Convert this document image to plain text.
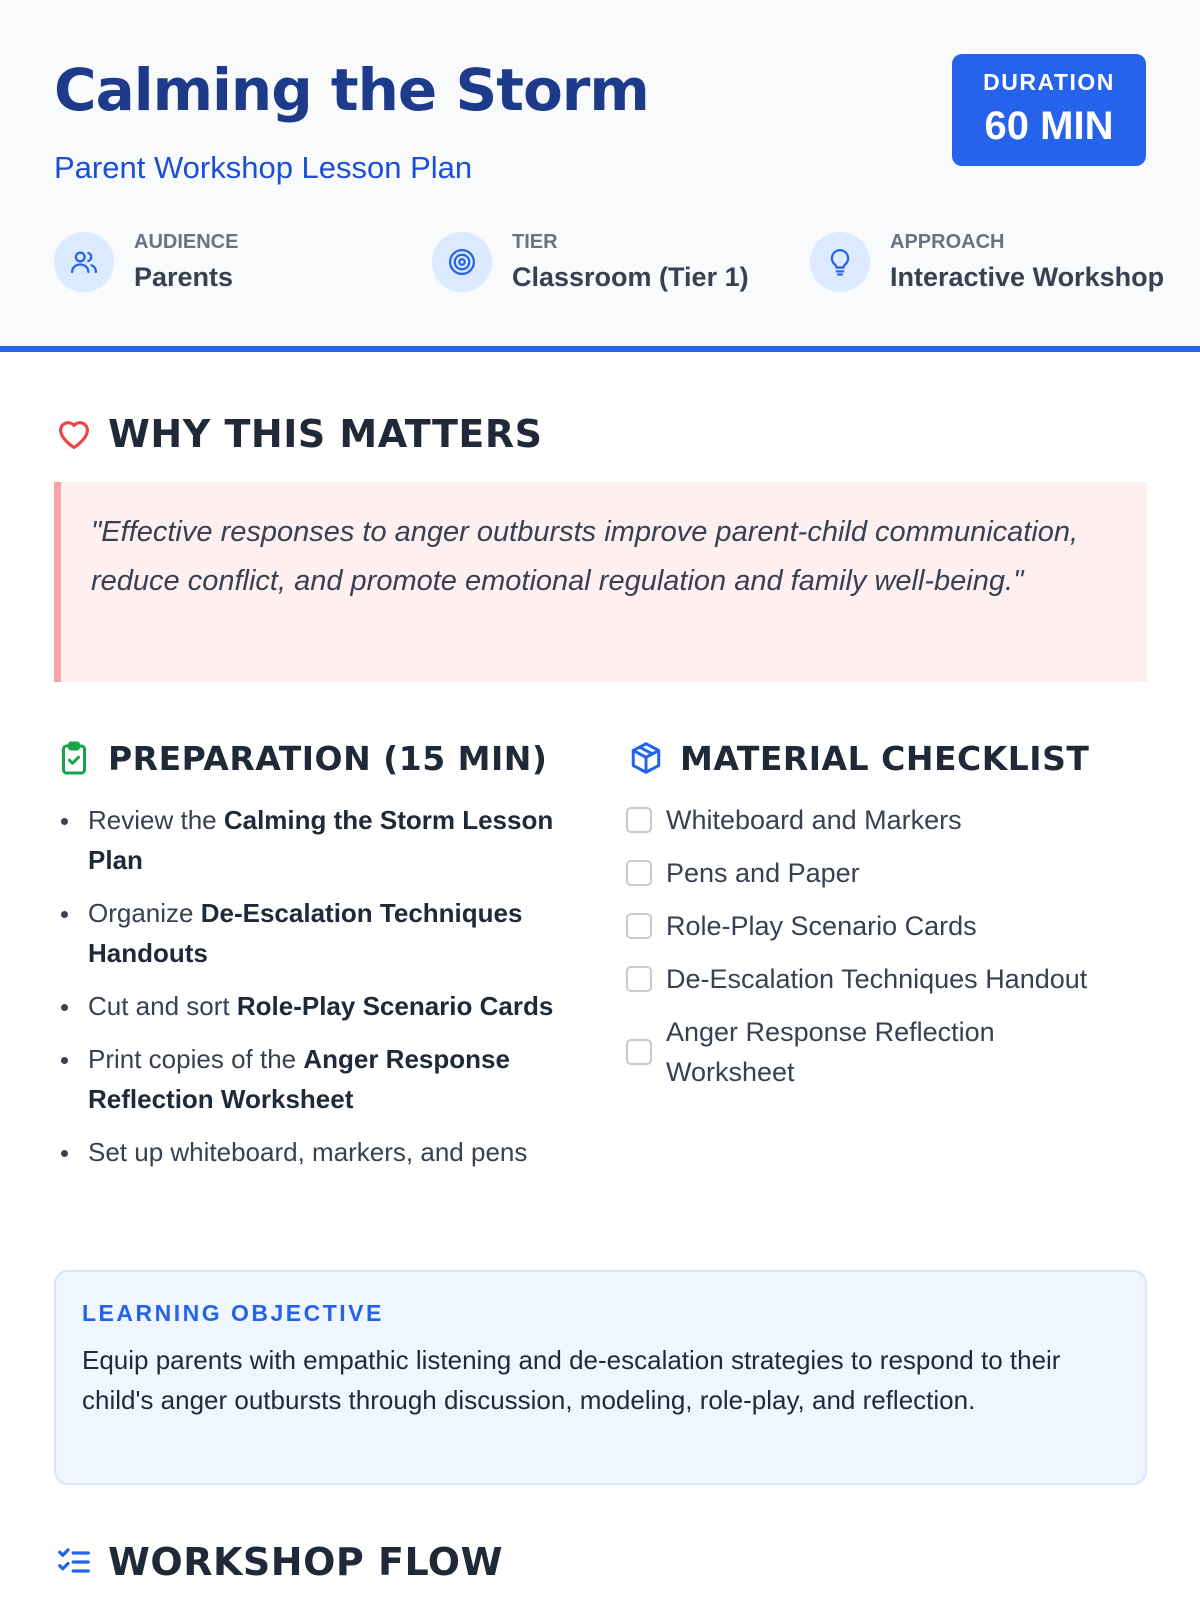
Calming the Storm
Parent Workshop Lesson Plan
DURATION
60 MIN
AUDIENCE
Parents
TIER
Classroom (Tier 1)
APPROACH
Interactive Workshop
WHY THIS MATTERS

"Effective responses to anger outbursts improve parent-child communication, reduce conflict, and promote emotional regulation and family well-being."

PREPARATION (15 MIN)
Review the Calming the Storm Lesson Plan
Organize De-Escalation Techniques Handouts
Cut and sort Role-Play Scenario Cards
Print copies of the Anger Response Reflection Worksheet
Set up whiteboard, markers, and pens
MATERIAL CHECKLIST
Whiteboard and Markers
Pens and Paper
Role-Play Scenario Cards
De-Escalation Techniques Handout
Anger Response Reflection Worksheet
LEARNING OBJECTIVE
Equip parents with empathic listening and de-escalation strategies to respond to their child's anger outbursts through discussion, modeling, role-play, and reflection.
WORKSHOP FLOW
